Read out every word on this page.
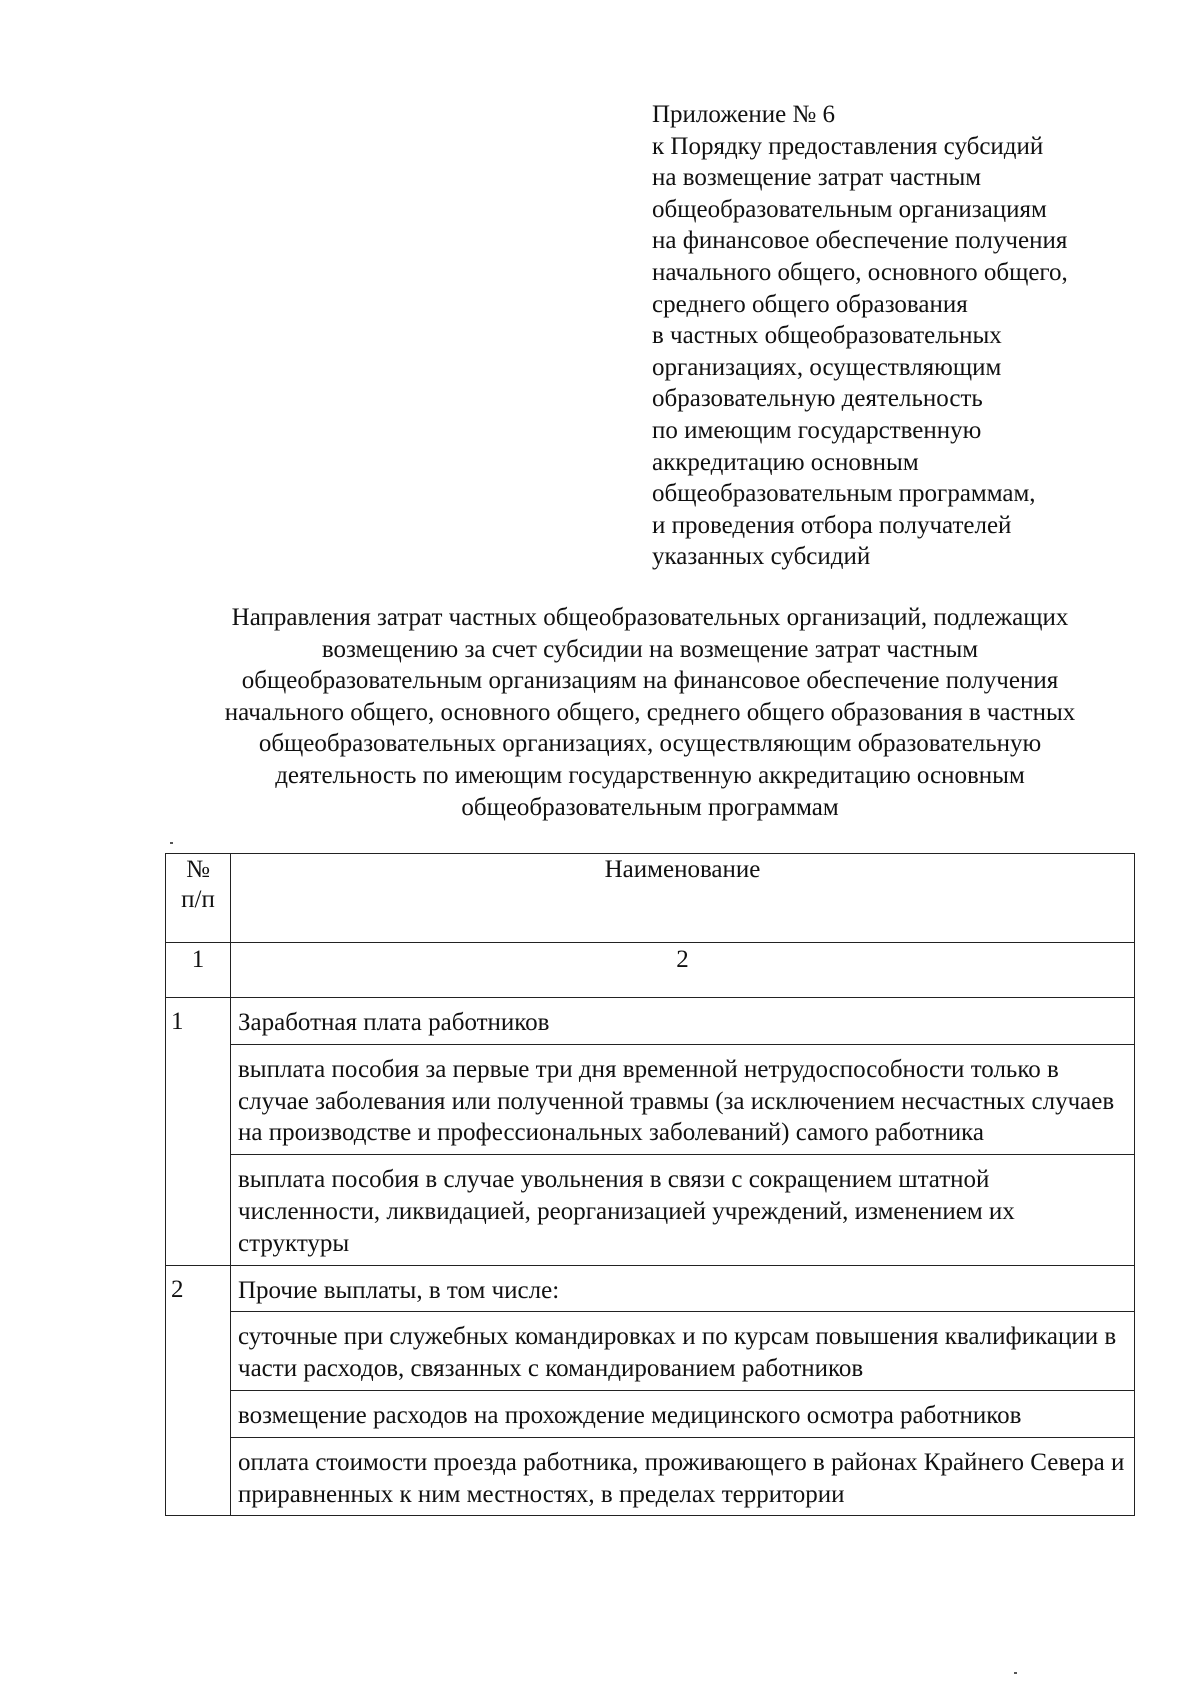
Приложение № 6
к Порядку предоставления субсидий
на возмещение затрат частным
общеобразовательным организациям
на финансовое обеспечение получения
начального общего, основного общего,
среднего общего образования
в частных общеобразовательных
организациях, осуществляющим
образовательную деятельность
по имеющим государственную
аккредитацию основным
общеобразовательным программам,
и проведения отбора получателей
указанных субсидий
Направления затрат частных общеобразовательных организаций, подлежащих
возмещению за счет субсидии на возмещение затрат частным
общеобразовательным организациям на финансовое обеспечение получения
начального общего, основного общего, среднего общего образования в частных
общеобразовательных организациях, осуществляющим образовательную
деятельность по имеющим государственную аккредитацию основным
общеобразовательным программам
№
п/п	Наименование
1	2
1	Заработная плата работников
	выплата пособия за первые три дня временной нетрудоспособности только в случае заболевания или полученной травмы (за исключением несчастных случаев на производстве и профессиональных заболеваний) самого работника
	выплата пособия в случае увольнения в связи с сокращением штатной численности, ликвидацией, реорганизацией учреждений, изменением их структуры
2	Прочие выплаты, в том числе:
	суточные при служебных командировках и по курсам повышения квалификации в части расходов, связанных с командированием работников
	возмещение расходов на прохождение медицинского осмотра работников
	оплата стоимости проезда работника, проживающего в районах Крайнего Севера и приравненных к ним местностях, в пределах территории
